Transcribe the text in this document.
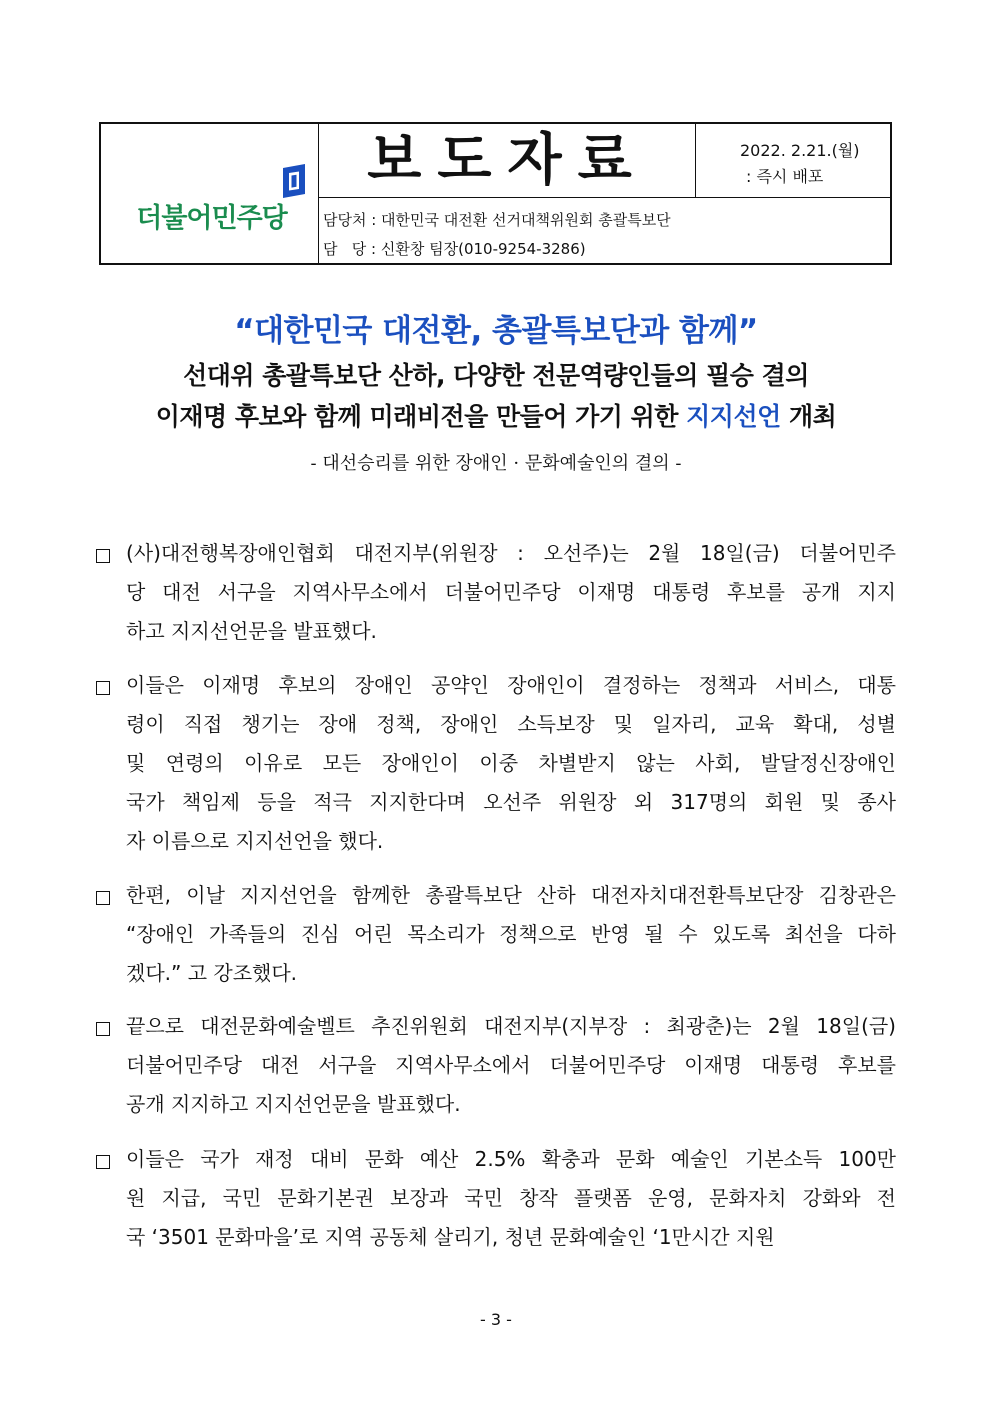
더불어민주당
보도자료	2022. 2.21.(월)
: 즉시 배포
담당처 : 대한민국 대전환 선거대책위원회 총괄특보단
담   당 : 신환창 팀장(010-9254-3286)
“대한민국 대전환, 총괄특보단과 함께”
선대위 총괄특보단 산하, 다양한 전문역량인들의 필승 결의
이재명 후보와 함께 미래비전을 만들어 가기 위한 지지선언 개최
- 대선승리를 위한 장애인 · 문화예술인의 결의 -
(사)대전행복장애인협회 대전지부(위원장 : 오선주)는 2월 18일(금) 더불어민주
당 대전 서구을 지역사무소에서 더불어민주당 이재명 대통령 후보를 공개 지지
하고 지지선언문을 발표했다.
이들은 이재명 후보의 장애인 공약인 장애인이 결정하는 정책과 서비스, 대통
령이 직접 챙기는 장애 정책, 장애인 소득보장 및 일자리, 교육 확대, 성별
및 연령의 이유로 모든 장애인이 이중 차별받지 않는 사회, 발달정신장애인
국가 책임제 등을 적극 지지한다며 오선주 위원장 외 317명의 회원 및 종사
자 이름으로 지지선언을 했다.
한편, 이날 지지선언을 함께한 총괄특보단 산하 대전자치대전환특보단장 김창관은
“장애인 가족들의 진심 어린 목소리가 정책으로 반영 될 수 있도록 최선을 다하
겠다.” 고 강조했다.
끝으로 대전문화예술벨트 추진위원회 대전지부(지부장 : 최광춘)는 2월 18일(금)
더불어민주당 대전 서구을 지역사무소에서 더불어민주당 이재명 대통령 후보를
공개 지지하고 지지선언문을 발표했다.
이들은 국가 재정 대비 문화 예산 2.5% 확충과 문화 예술인 기본소득 100만
원 지급, 국민 문화기본권 보장과 국민 창작 플랫폼 운영, 문화자치 강화와 전
국 ‘3501 문화마을’로 지역 공동체 살리기, 청년 문화예술인 ‘1만시간 지원
- 3 -
